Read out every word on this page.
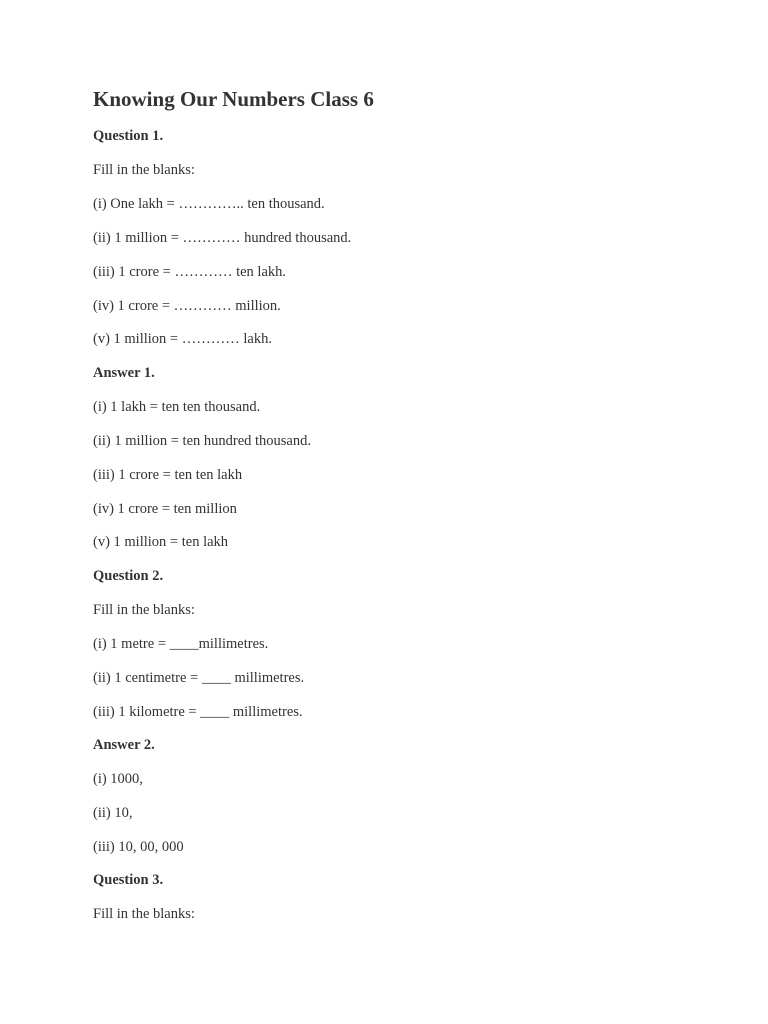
Knowing Our Numbers Class 6

Question 1.

Fill in the blanks:

(i) One lakh = ………….. ten thousand.

(ii) 1 million = ………… hundred thousand.

(iii) 1 crore = ………… ten lakh.

(iv) 1 crore = ………… million.

(v) 1 million = ………… lakh.

Answer 1.

(i) 1 lakh = ten ten thousand.

(ii) 1 million = ten hundred thousand.

(iii) 1 crore = ten ten lakh

(iv) 1 crore = ten million

(v) 1 million = ten lakh

Question 2.

Fill in the blanks:

(i) 1 metre = ____millimetres.

(ii) 1 centimetre = ____ millimetres.

(iii) 1 kilometre = ____ millimetres.

Answer 2.

(i) 1000,

(ii) 10,

(iii) 10, 00, 000

Question 3.

Fill in the blanks:
